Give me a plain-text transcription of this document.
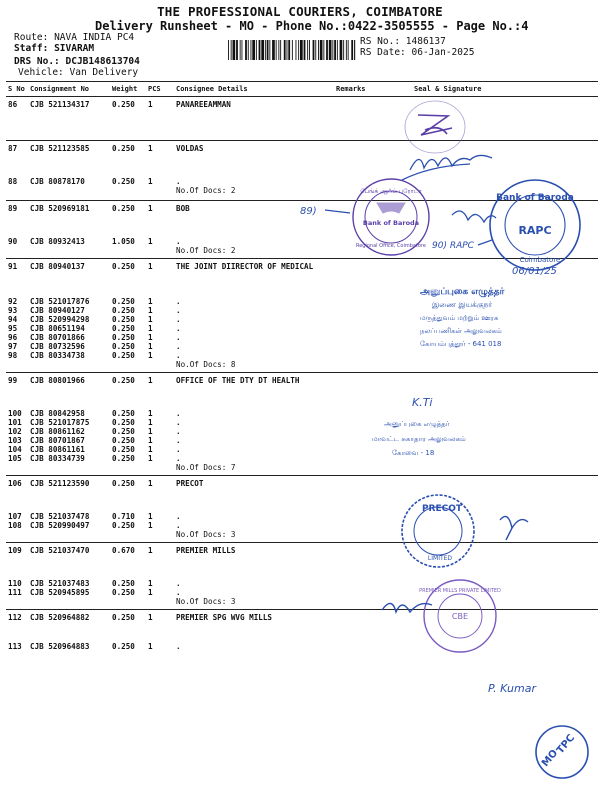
THE PROFESSIONAL COURIERS, COIMBATORE
Delivery Runsheet - MO - Phone No.:0422-3505555 - Page No.:4
Route: NAVA INDIA PC4
Staff: SIVARAM
DRS No.: DCJB148613704
Vehicle: Van Delivery
RS No.: 1486137
RS Date: 06-Jan-2025
S No	Consignment No	Weight	PCS	Consignee Details	Remarks	Seal & Signature
86	CJB 521134317	0.250	1	PANAREEAMMAN		

87	CJB 521123585	0.250	1	VOLDAS		

88	CJB 80878170	0.250	1	.
No.Of Docs: 2		

89	CJB 520969181	0.250	1	BOB		

90	CJB 80932413	1.050	1	.
No.Of Docs: 2		

91	CJB 80940137	0.250	1	THE JOINT DIIRECTOR OF MEDICAL		

92	CJB 521017876	0.250	1	.		

93	CJB 80940127	0.250	1	.		

94	CJB 520994298	0.250	1	.		

95	CJB 80651194	0.250	1	.		

96	CJB 80701866	0.250	1	.		

97	CJB 80732596	0.250	1	.		

98	CJB 80334738	0.250	1	.
No.Of Docs: 8		

99	CJB 80801966	0.250	1	OFFICE OF THE DTY DT HEALTH		

100	CJB 80842958	0.250	1	.		

101	CJB 521017875	0.250	1	.		

102	CJB 80861162	0.250	1	.		

103	CJB 80701867	0.250	1	.		

104	CJB 80861161	0.250	1	.		

105	CJB 80334739	0.250	1	.
No.Of Docs: 7		

106	CJB 521123590	0.250	1	PRECOT		

107	CJB 521037478	0.710	1	.		

108	CJB 520990497	0.250	1	.
No.Of Docs: 3		

109	CJB 521037470	0.670	1	PREMIER MILLS		

110	CJB 521037483	0.250	1	.		

111	CJB 520945895	0.250	1	.
No.Of Docs: 3		

112	CJB 520964882	0.250	1	PREMIER SPG WVG MILLS		

113	CJB 520964883	0.250	1	.		

பேங்க் ஆஃப் பரோடா
Bank of Baroda
Regional Office, Coimbatore
89)
90) RAPC
Bank of Baroda
RAPC
Coimbatore
06/01/25
அனுப்புகை எழுத்தர்
இணை இயக்குநர்
மருத்துவம் மற்றும் ஊரக
நலப்பணிகள் அலுவலகம்
கோயம்புத்தூர் - 641 018
K.Ti
அனுப்புகை எழுத்தர்
மாவட்ட சுகாதார அலுவலகம்
கோவை - 18
PRECOT
LIMITED
PREMIER MILLS PRIVATE LIMITED
CBE
P. Kumar
TPC
MO
